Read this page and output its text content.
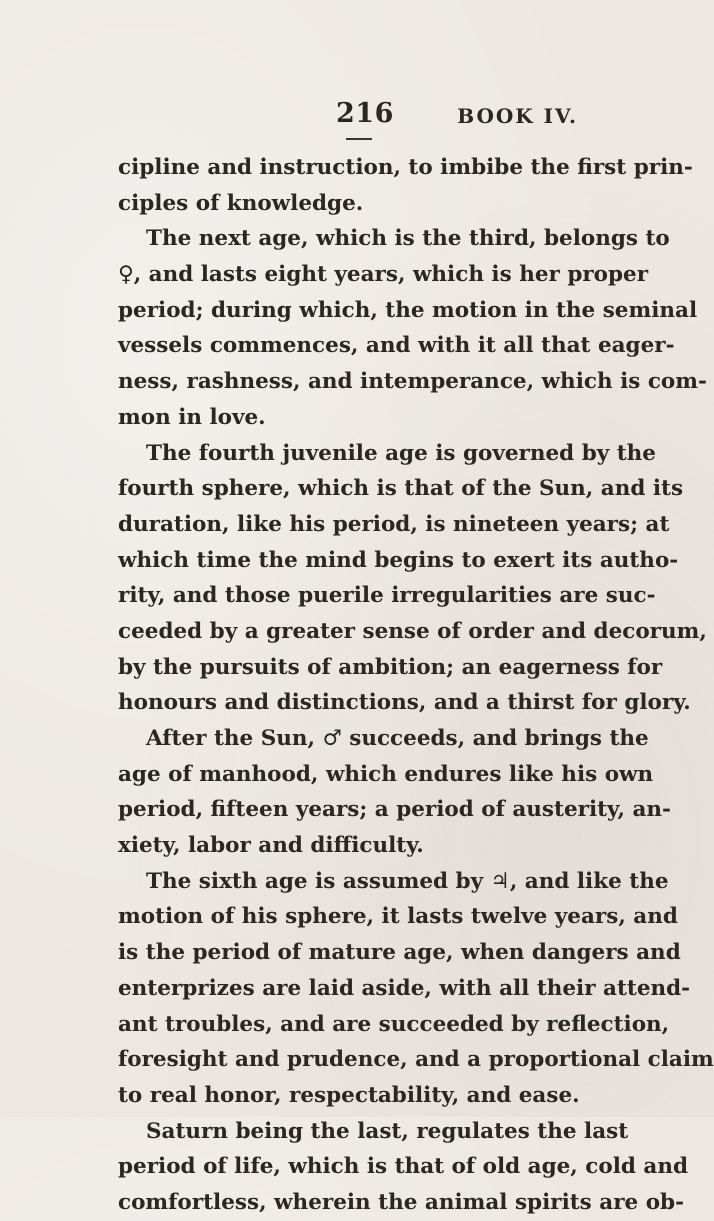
216	BOOK IV.
cipline and instruction, to imbibe the first prin-
ciples of knowledge.
The next age, which is the third, belongs to
♀, and lasts eight years, which is her proper
period; during which, the motion in the seminal
vessels commences, and with it all that eager-
ness, rashness, and intemperance, which is com-
mon in love.
The fourth juvenile age is governed by the
fourth sphere, which is that of the Sun, and its
duration, like his period, is nineteen years; at
which time the mind begins to exert its autho-
rity, and those puerile irregularities are suc-
ceeded by a greater sense of order and decorum,
by the pursuits of ambition; an eagerness for
honours and distinctions, and a thirst for glory.
After the Sun, ♂ succeeds, and brings the
age of manhood, which endures like his own
period, fifteen years; a period of austerity, an-
xiety, labor and difficulty.
The sixth age is assumed by ♃, and like the
motion of his sphere, it lasts twelve years, and
is the period of mature age, when dangers and
enterprizes are laid aside, with all their attend-
ant troubles, and are succeeded by reflection,
foresight and prudence, and a proportional claim
to real honor, respectability, and ease.
Saturn being the last, regulates the last
period of life, which is that of old age, cold and
comfortless, wherein the animal spirits are ob-
